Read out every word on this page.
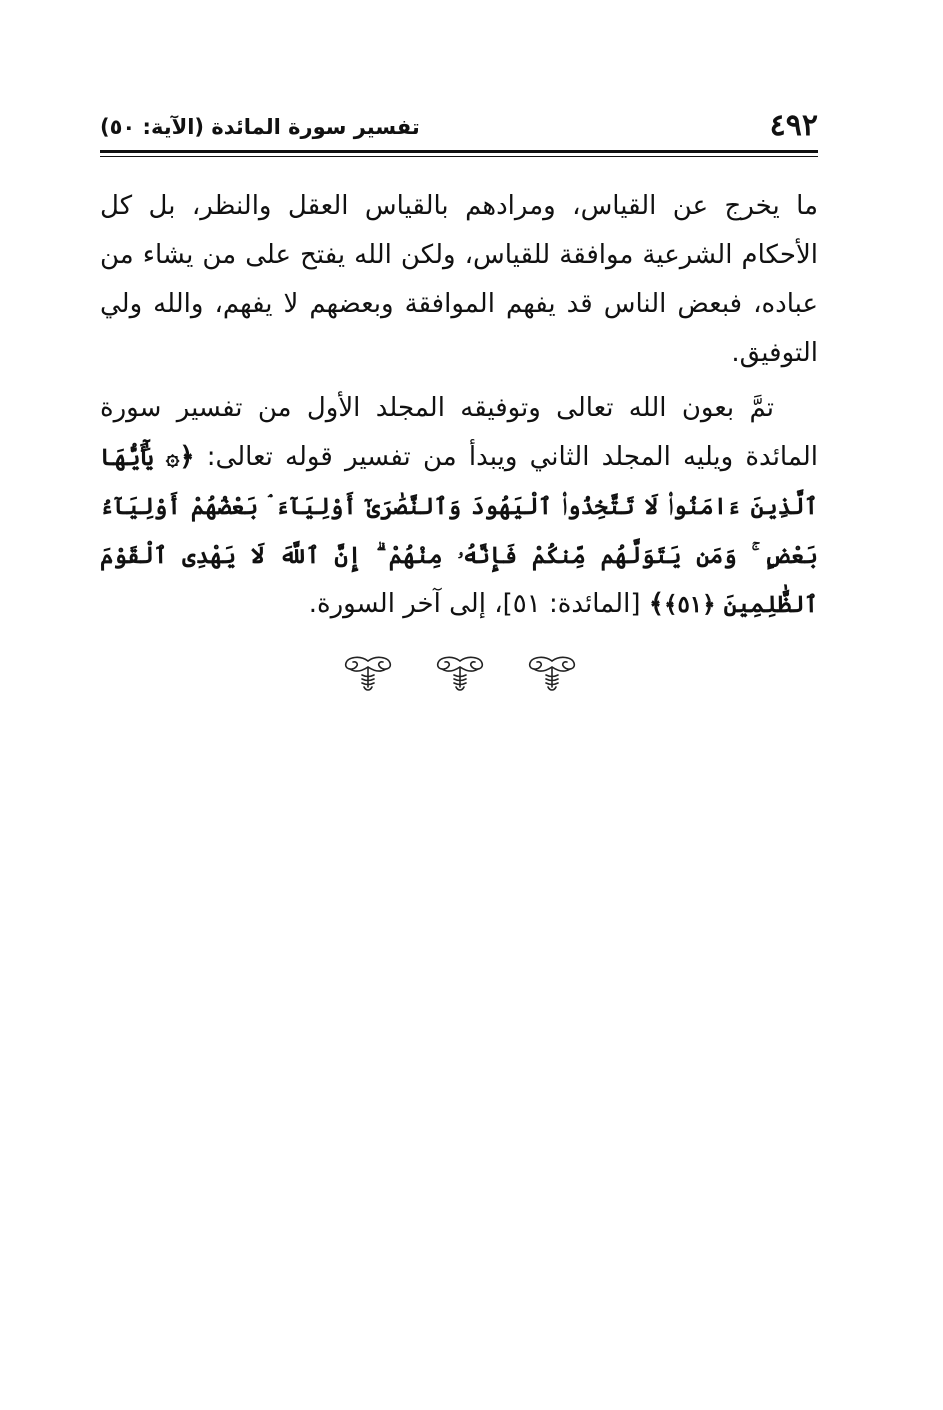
٤٩٢
تفسير سورة المائدة (الآية: ٥٠)

ما يخرج عن القياس، ومرادهم بالقياس العقل والنظر، بل كل الأحكام الشرعية موافقة للقياس، ولكن الله يفتح على من يشاء من عباده، فبعض الناس قد يفهم الموافقة وبعضهم لا يفهم، والله ولي التوفيق.

تمَّ بعون الله تعالى وتوفيقه المجلد الأول من تفسير سورة المائدة ويليه المجلد الثاني ويبدأ من تفسير قوله تعالى: ﴿۞ يَٰٓأَيُّهَا ٱلَّذِينَ ءَامَنُوا۟ لَا تَتَّخِذُوا۟ ٱلْيَهُودَ وَٱلنَّصَٰرَىٰٓ أَوْلِيَآءَ ۘ بَعْضُهُمْ أَوْلِيَآءُ بَعْضٍ ۚ وَمَن يَتَوَلَّهُم مِّنكُمْ فَإِنَّهُۥ مِنْهُمْ ۗ إِنَّ ٱللَّهَ لَا يَهْدِى ٱلْقَوْمَ ٱلظَّٰلِمِينَ ﴿٥١﴾﴾ [المائدة: ٥١]، إلى آخر السورة.
